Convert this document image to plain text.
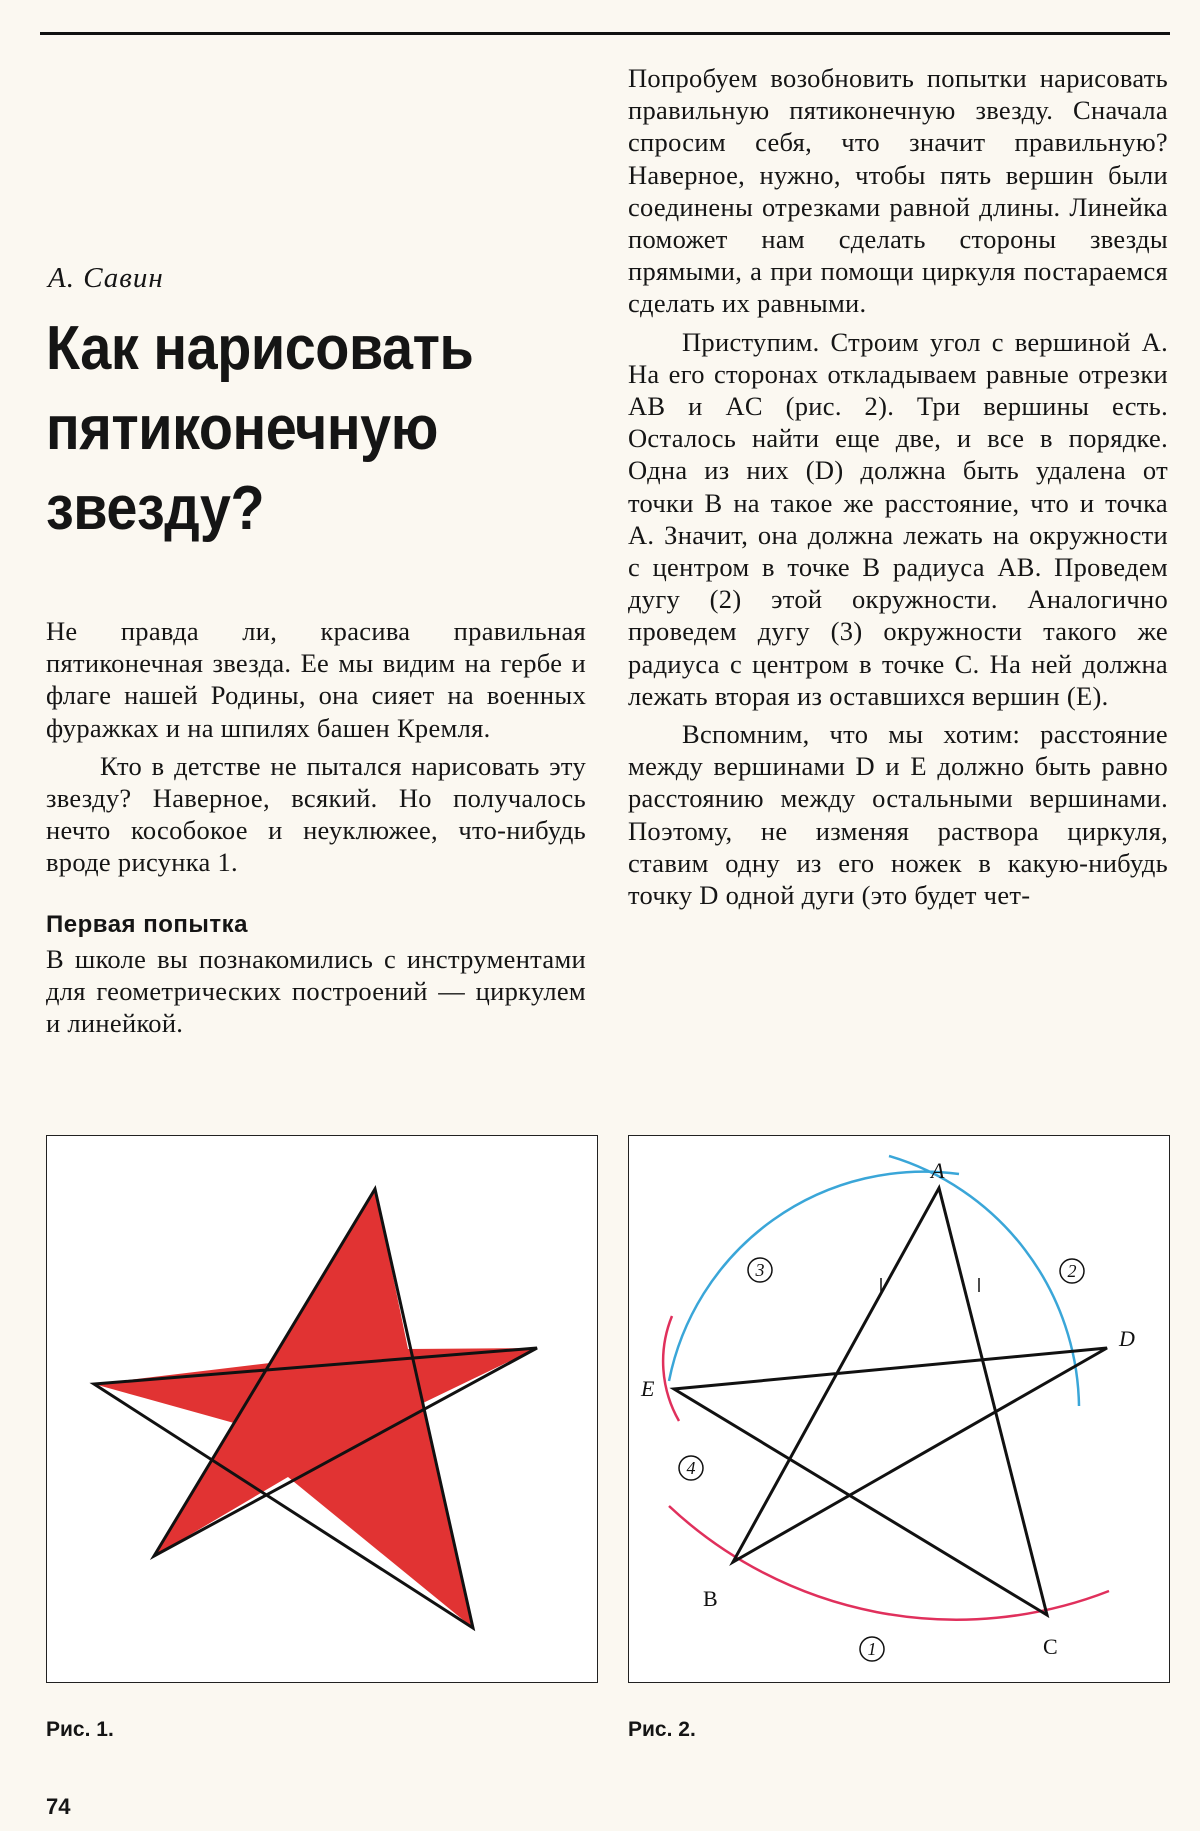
А. Савин
Как нарисовать
пятиконечную
звезду?

Не правда ли, красива правильная пятиконечная звезда. Ее мы видим на гербе и флаге нашей Родины, она сияет на военных фуражках и на шпилях башен Кремля.

Кто в детстве не пытался нарисовать эту звезду? Наверное, всякий. Но получалось нечто кособокое и неуклюжее, что-нибудь вроде рисунка 1.

Первая попытка

В школе вы познакомились с инструментами для геометрических построений — циркулем и линейкой.

Попробуем возобновить попытки нарисовать правильную пятиконечную звезду. Сначала спросим себя, что значит правильную? Наверное, нужно, чтобы пять вершин были соединены отрезками равной длины. Линейка поможет нам сделать стороны звезды прямыми, а при помощи циркуля постараемся сделать их равными.

Приступим. Строим угол с вершиной A. На его сторонах откладываем равные отрезки AB и AC (рис. 2). Три вершины есть. Осталось найти еще две, и все в порядке. Одна из них (D) должна быть удалена от точки B на такое же расстояние, что и точка A. Значит, она должна лежать на окружности с центром в точке B радиуса AB. Проведем дугу (2) этой окружности. Аналогично проведем дугу (3) окружности такого же радиуса с центром в точке C. На ней должна лежать вторая из оставшихся вершин (E).

Вспомним, что мы хотим: расстояние между вершинами D и E должно быть равно расстоянию между остальными вершинами. Поэтому, не изменяя раствора циркуля, ставим одну из его ножек в какую-нибудь точку D одной дуги (это будет чет-

A
D
E
B
C
3	2
4
1
Рис. 1.	Рис. 2.
74
